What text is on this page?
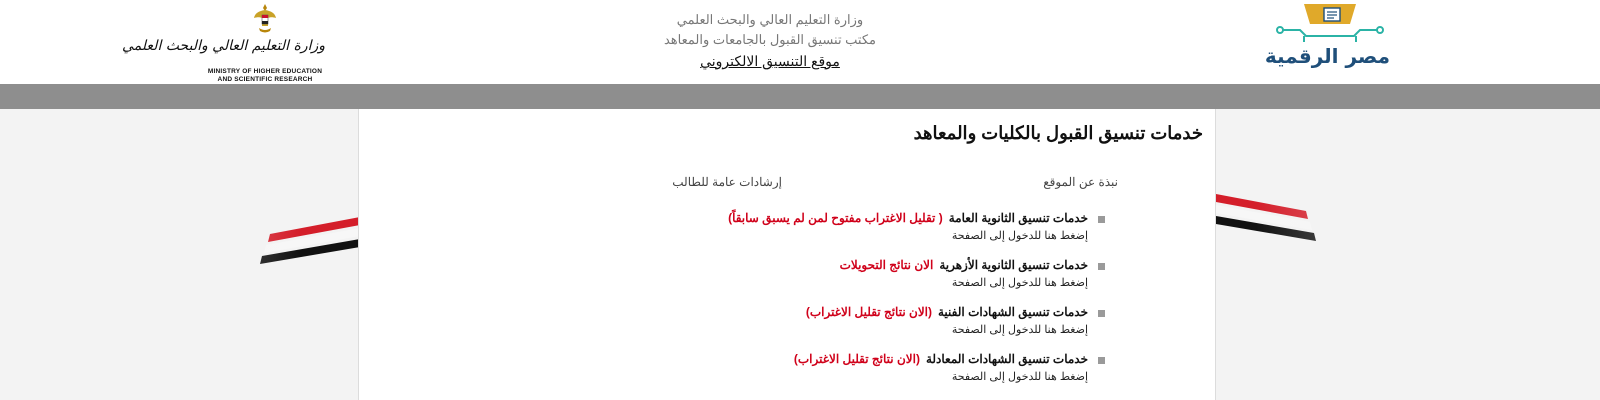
وزارة التعليم العالي والبحث العلمي
MINISTRY OF HIGHER EDUCATION
AND SCIENTIFIC RESEARCH
وزارة التعليم العالي والبحث العلمي
مكتب تنسيق القبول بالجامعات والمعاهد
موقع التنسيق الالكتروني	مصر الرقمية
خدمات تنسيق القبول بالكليات والمعاهد
نبذة عن الموقع
إرشادات عامة للطالب
خدمات تنسيق الثانوية العامة( تقليل الاغتراب مفتوح لمن لم يسبق سابقاً)
إضغط هنا للدخول إلى الصفحة
خدمات تنسيق الثانوية الأزهريةالان نتائج التحويلات
إضغط هنا للدخول إلى الصفحة
خدمات تنسيق الشهادات الفنية(الان نتائج تقليل الاغتراب)
إضغط هنا للدخول إلى الصفحة
خدمات تنسيق الشهادات المعادلة(الان نتائج تقليل الاغتراب)
إضغط هنا للدخول إلى الصفحة
